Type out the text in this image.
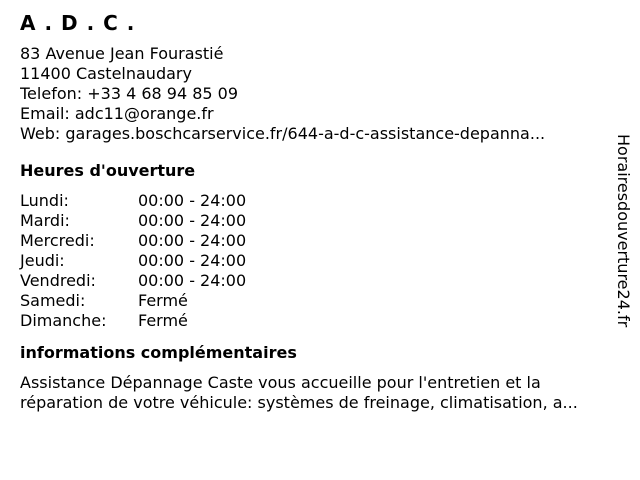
A . D . C .
83 Avenue Jean Fourastié
11400 Castelnaudary
Telefon: +33 4 68 94 85 09
Email: adc11@orange.fr
Web: garages.boschcarservice.fr/644-a-d-c-assistance-depanna...
Heures d'ouverture
Lundi:	00:00 - 24:00
Mardi:	00:00 - 24:00
Mercredi:	00:00 - 24:00
Jeudi:	00:00 - 24:00
Vendredi:	00:00 - 24:00
Samedi:	Fermé
Dimanche:	Fermé
informations complémentaires
Assistance Dépannage Caste vous accueille pour l'entretien et la
réparation de votre véhicule: systèmes de freinage, climatisation, a...
Horairesdouverture24.fr
